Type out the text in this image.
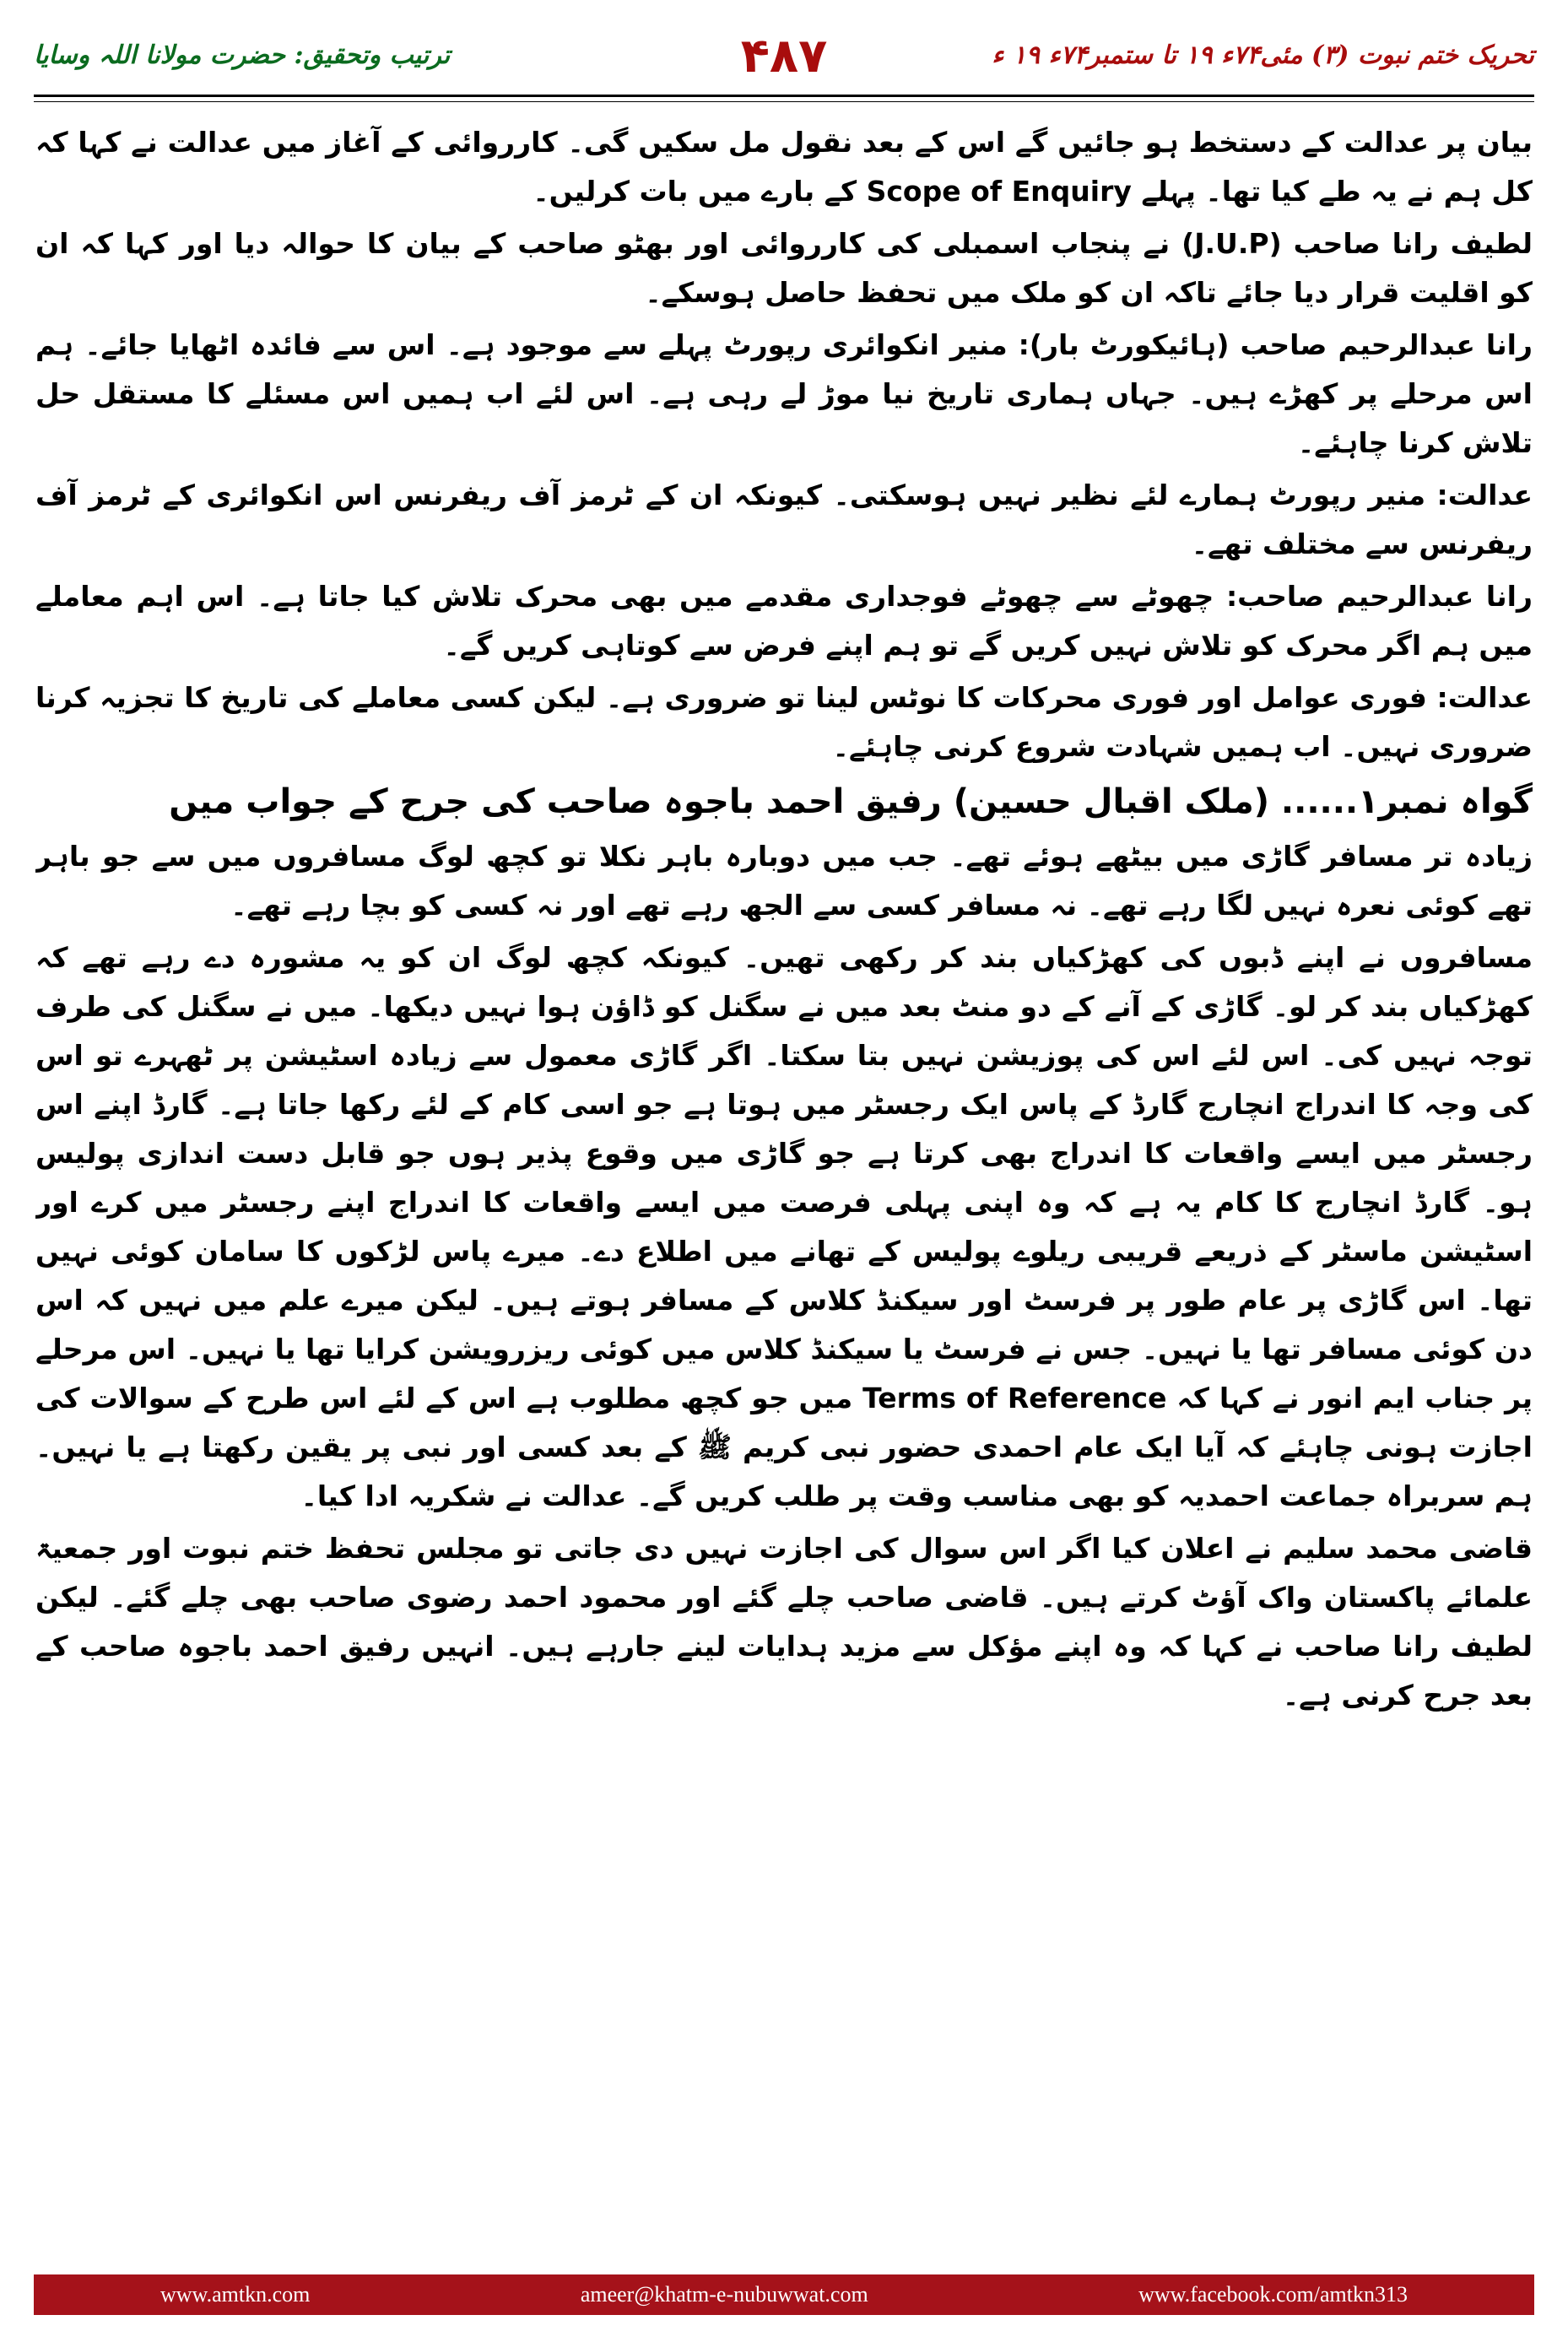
ترتیب وتحقیق: حضرت مولانا اللہ وسایا	۴۸۷	تحریک ختم نبوت (۳) مئی۷۴ء ۱۹ تا ستمبر۷۴ء ۱۹ ء

بیان پر عدالت کے دستخط ہو جائیں گے اس کے بعد نقول مل سکیں گی۔ کارروائی کے آغاز میں عدالت نے کہا کہ کل ہم نے یہ طے کیا تھا۔ پہلے Scope of Enquiry کے بارے میں بات کرلیں۔

لطیف رانا صاحب (J.U.P) نے پنجاب اسمبلی کی کارروائی اور بھٹو صاحب کے بیان کا حوالہ دیا اور کہا کہ ان کو اقلیت قرار دیا جائے تاکہ ان کو ملک میں تحفظ حاصل ہوسکے۔

رانا عبدالرحیم صاحب (ہائیکورٹ بار): منیر انکوائری رپورٹ پہلے سے موجود ہے۔ اس سے فائدہ اٹھایا جائے۔ ہم اس مرحلے پر کھڑے ہیں۔ جہاں ہماری تاریخ نیا موڑ لے رہی ہے۔ اس لئے اب ہمیں اس مسئلے کا مستقل حل تلاش کرنا چاہئے۔

عدالت: منیر رپورٹ ہمارے لئے نظیر نہیں ہوسکتی۔ کیونکہ ان کے ٹرمز آف ریفرنس اس انکوائری کے ٹرمز آف ریفرنس سے مختلف تھے۔

رانا عبدالرحیم صاحب: چھوٹے سے چھوٹے فوجداری مقدمے میں بھی محرک تلاش کیا جاتا ہے۔ اس اہم معاملے میں ہم اگر محرک کو تلاش نہیں کریں گے تو ہم اپنے فرض سے کوتاہی کریں گے۔

عدالت: فوری عوامل اور فوری محرکات کا نوٹس لینا تو ضروری ہے۔ لیکن کسی معاملے کی تاریخ کا تجزیہ کرنا ضروری نہیں۔ اب ہمیں شہادت شروع کرنی چاہئے۔

گواہ نمبر۱...... (ملک اقبال حسین) رفیق احمد باجوہ صاحب کی جرح کے جواب میں

زیادہ تر مسافر گاڑی میں بیٹھے ہوئے تھے۔ جب میں دوبارہ باہر نکلا تو کچھ لوگ مسافروں میں سے جو باہر تھے کوئی نعرہ نہیں لگا رہے تھے۔ نہ مسافر کسی سے الجھ رہے تھے اور نہ کسی کو بچا رہے تھے۔

مسافروں نے اپنے ڈبوں کی کھڑکیاں بند کر رکھی تھیں۔ کیونکہ کچھ لوگ ان کو یہ مشورہ دے رہے تھے کہ کھڑکیاں بند کر لو۔ گاڑی کے آنے کے دو منٹ بعد میں نے سگنل کو ڈاؤن ہوا نہیں دیکھا۔ میں نے سگنل کی طرف توجہ نہیں کی۔ اس لئے اس کی پوزیشن نہیں بتا سکتا۔ اگر گاڑی معمول سے زیادہ اسٹیشن پر ٹھہرے تو اس کی وجہ کا اندراج انچارج گارڈ کے پاس ایک رجسٹر میں ہوتا ہے جو اسی کام کے لئے رکھا جاتا ہے۔ گارڈ اپنے اس رجسٹر میں ایسے واقعات کا اندراج بھی کرتا ہے جو گاڑی میں وقوع پذیر ہوں جو قابل دست اندازی پولیس ہو۔ گارڈ انچارج کا کام یہ ہے کہ وہ اپنی پہلی فرصت میں ایسے واقعات کا اندراج اپنے رجسٹر میں کرے اور اسٹیشن ماسٹر کے ذریعے قریبی ریلوے پولیس کے تھانے میں اطلاع دے۔ میرے پاس لڑکوں کا سامان کوئی نہیں تھا۔ اس گاڑی پر عام طور پر فرسٹ اور سیکنڈ کلاس کے مسافر ہوتے ہیں۔ لیکن میرے علم میں نہیں کہ اس دن کوئی مسافر تھا یا نہیں۔ جس نے فرسٹ یا سیکنڈ کلاس میں کوئی ریزرویشن کرایا تھا یا نہیں۔ اس مرحلے پر جناب ایم انور نے کہا کہ Terms of Reference میں جو کچھ مطلوب ہے اس کے لئے اس طرح کے سوالات کی اجازت ہونی چاہئے کہ آیا ایک عام احمدی حضور نبی کریم ﷺ کے بعد کسی اور نبی پر یقین رکھتا ہے یا نہیں۔ ہم سربراہ جماعت احمدیہ کو بھی مناسب وقت پر طلب کریں گے۔ عدالت نے شکریہ ادا کیا۔

قاضی محمد سلیم نے اعلان کیا اگر اس سوال کی اجازت نہیں دی جاتی تو مجلس تحفظ ختم نبوت اور جمعیۃ علمائے پاکستان واک آؤٹ کرتے ہیں۔ قاضی صاحب چلے گئے اور محمود احمد رضوی صاحب بھی چلے گئے۔ لیکن لطیف رانا صاحب نے کہا کہ وہ اپنے مؤکل سے مزید ہدایات لینے جارہے ہیں۔ انہیں رفیق احمد باجوہ صاحب کے بعد جرح کرنی ہے۔

www.amtkn.com	ameer@khatm-e-nubuwwat.com	www.facebook.com/amtkn313
